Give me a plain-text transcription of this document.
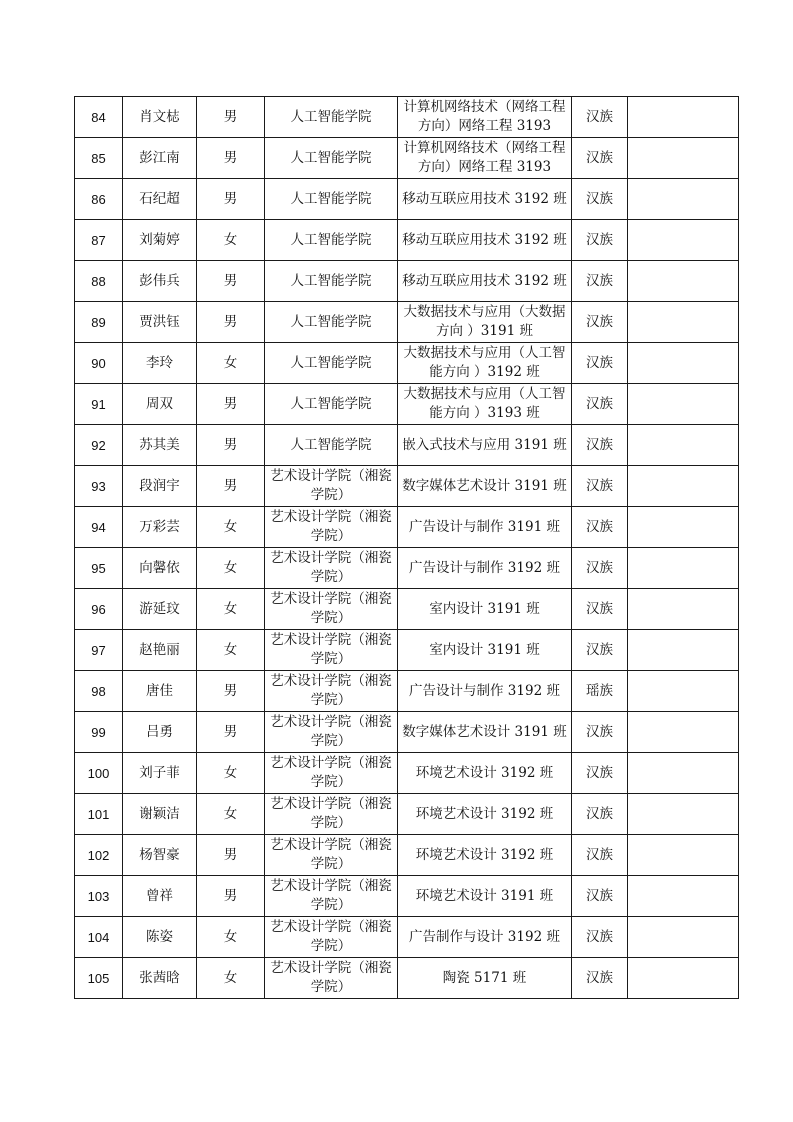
84	肖文梽	男	人工智能学院	计算机网络技术（网络工程方向）网络工程 3193	汉族	
85	彭江南	男	人工智能学院	计算机网络技术（网络工程方向）网络工程 3193	汉族	
86	石纪超	男	人工智能学院	移动互联应用技术 3192 班	汉族	
87	刘菊婷	女	人工智能学院	移动互联应用技术 3192 班	汉族	
88	彭伟兵	男	人工智能学院	移动互联应用技术 3192 班	汉族	
89	贾洪钰	男	人工智能学院	大数据技术与应用（大数据方向 ）3191 班	汉族	
90	李玲	女	人工智能学院	大数据技术与应用（人工智能方向 ）3192 班	汉族	
91	周双	男	人工智能学院	大数据技术与应用（人工智能方向 ）3193 班	汉族	
92	苏其美	男	人工智能学院	嵌入式技术与应用 3191 班	汉族	
93	段润宇	男	艺术设计学院（湘瓷学院）	数字媒体艺术设计 3191 班	汉族	
94	万彩芸	女	艺术设计学院（湘瓷学院）	广告设计与制作 3191 班	汉族	
95	向馨依	女	艺术设计学院（湘瓷学院）	广告设计与制作 3192 班	汉族	
96	游延玟	女	艺术设计学院（湘瓷学院）	室内设计 3191 班	汉族	
97	赵艳丽	女	艺术设计学院（湘瓷学院）	室内设计 3191 班	汉族	
98	唐佳	男	艺术设计学院（湘瓷学院）	广告设计与制作 3192 班	瑶族	
99	吕勇	男	艺术设计学院（湘瓷学院）	数字媒体艺术设计 3191 班	汉族	
100	刘子菲	女	艺术设计学院（湘瓷学院）	环境艺术设计 3192 班	汉族	
101	谢颖洁	女	艺术设计学院（湘瓷学院）	环境艺术设计 3192 班	汉族	
102	杨智豪	男	艺术设计学院（湘瓷学院）	环境艺术设计 3192 班	汉族	
103	曾祥	男	艺术设计学院（湘瓷学院）	环境艺术设计 3191 班	汉族	
104	陈姿	女	艺术设计学院（湘瓷学院）	广告制作与设计 3192 班	汉族	
105	张茜晗	女	艺术设计学院（湘瓷学院）	陶瓷 5171 班	汉族	
